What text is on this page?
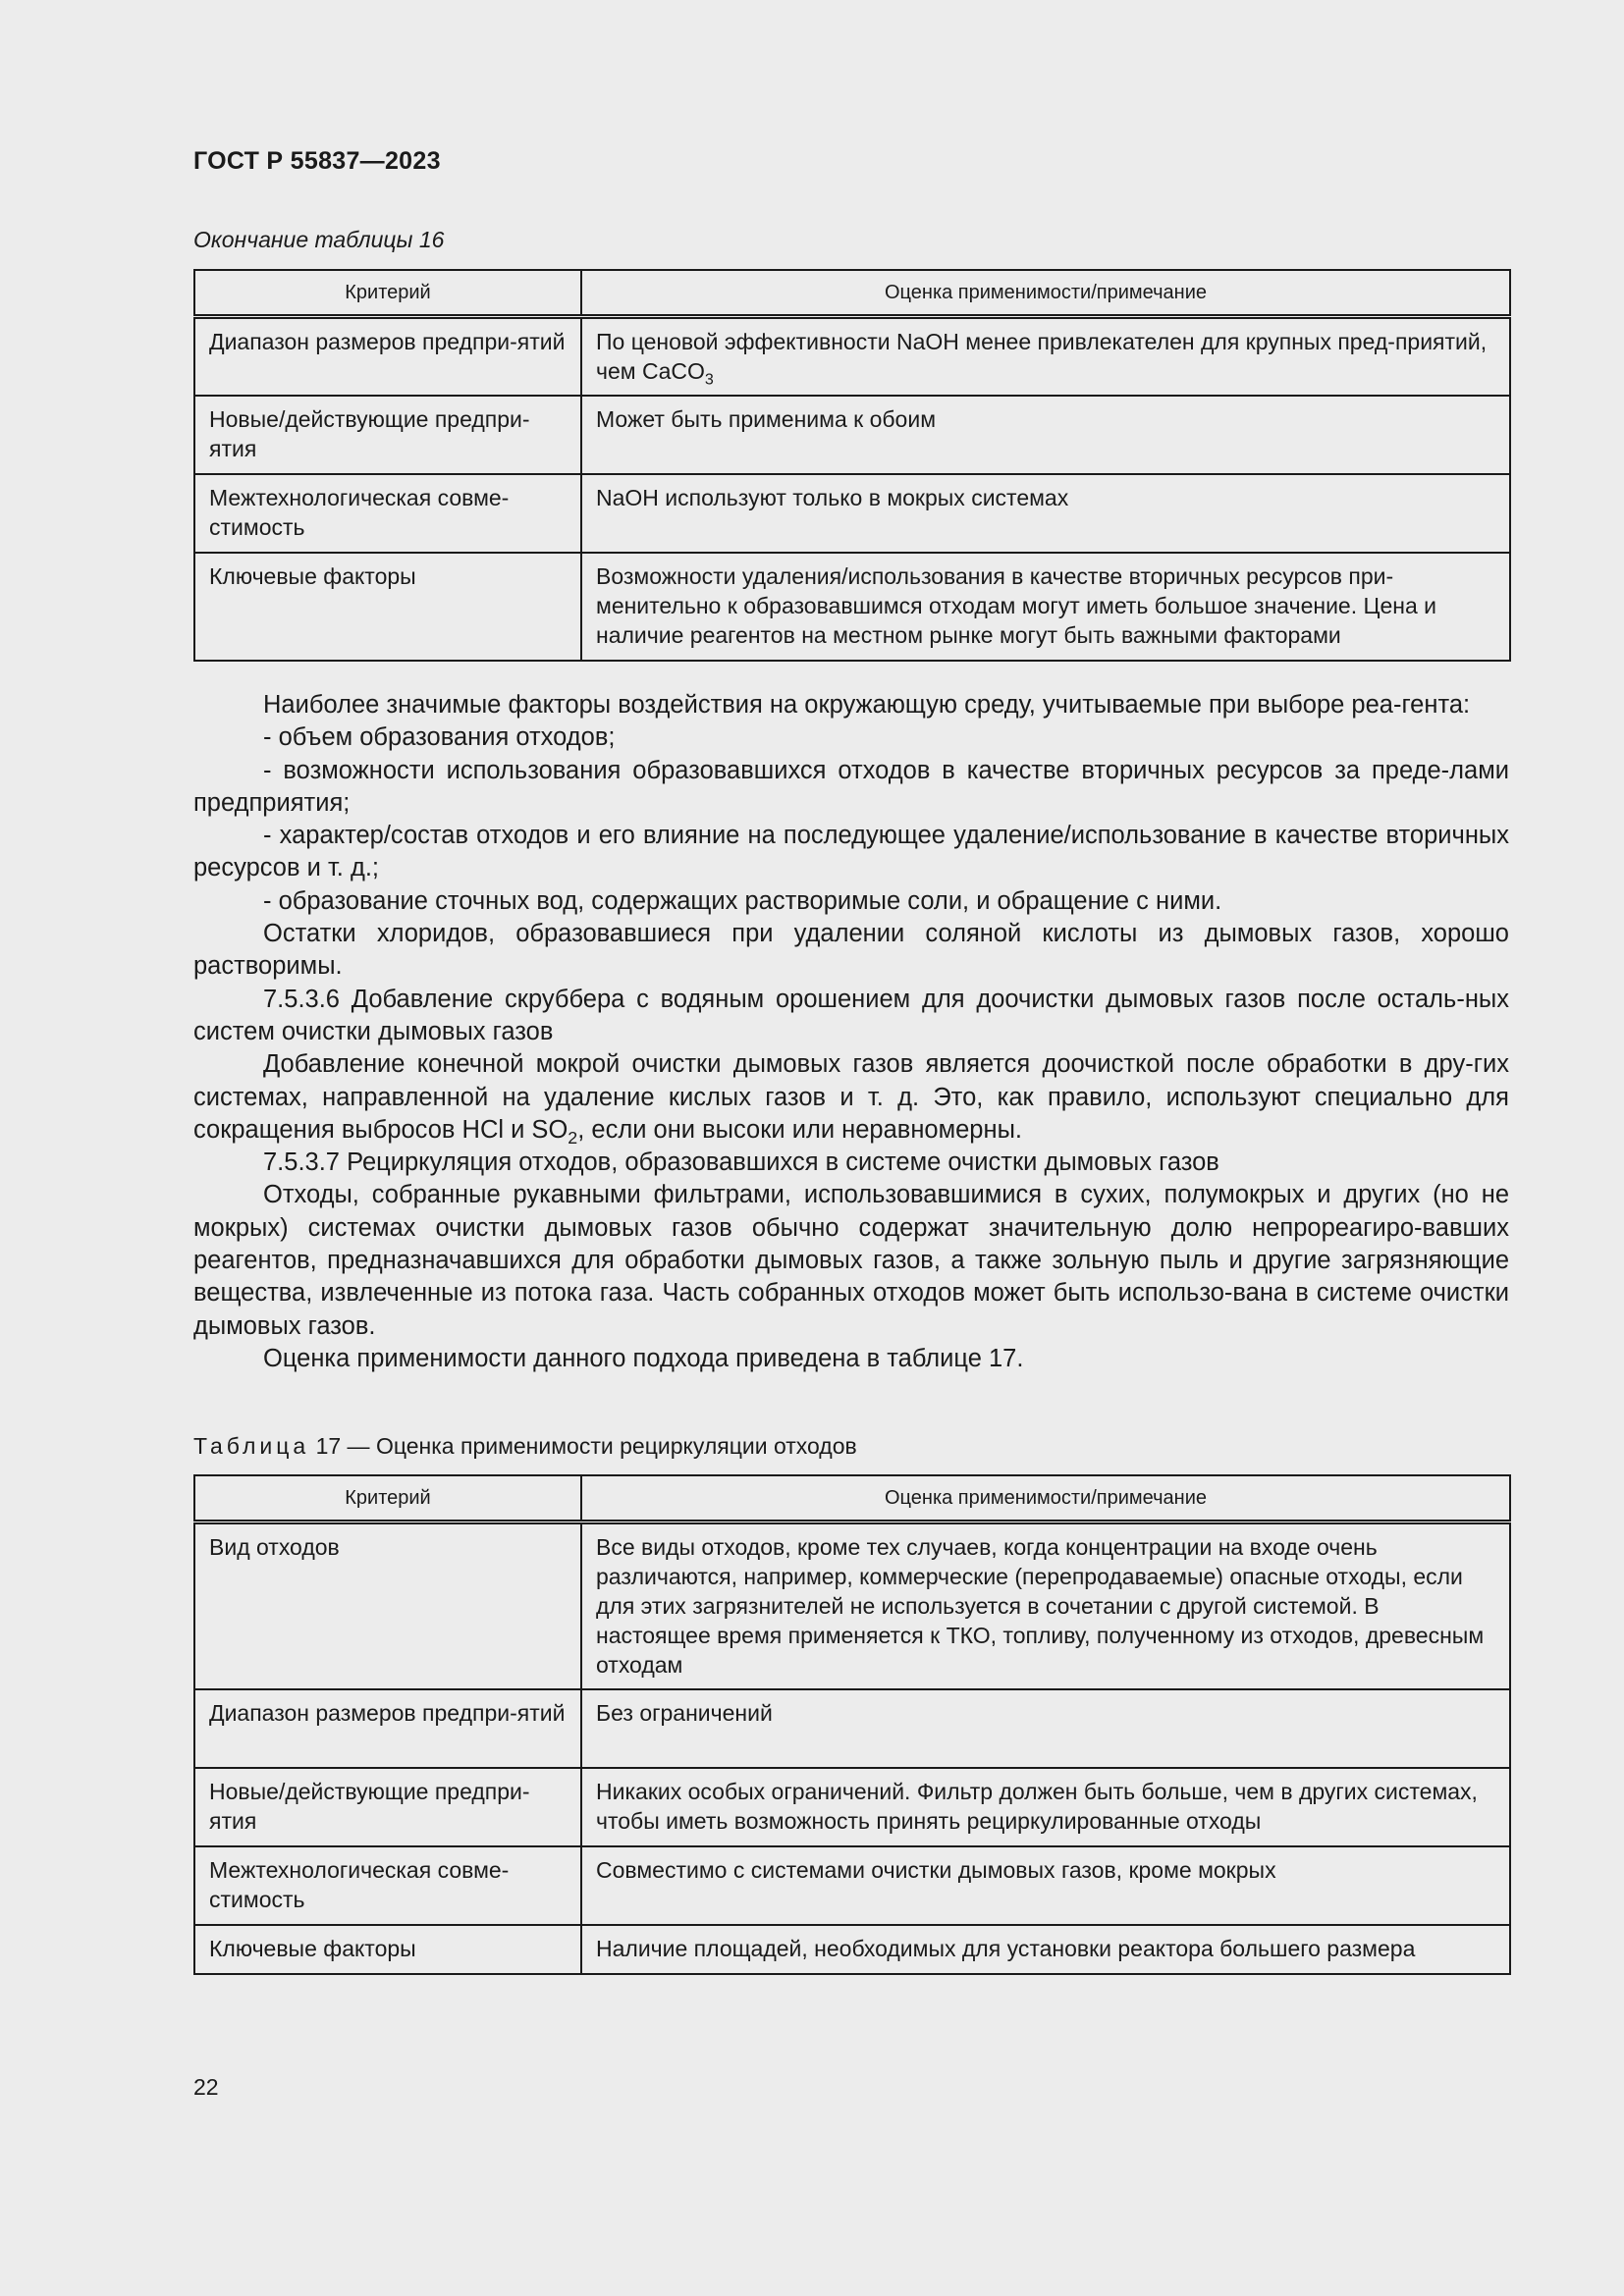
ГОСТ Р 55837—2023
Окончание таблицы 16
Критерий	Оценка применимости/примечание
Диапазон размеров предпри-ятий	По ценовой эффективности NaOH менее привлекателен для крупных пред-приятий, чем CaCO$_3$
Новые/действующие предпри-ятия	Может быть применима к обоим
Межтехнологическая совме-стимость	NaOH используют только в мокрых системах
Ключевые факторы	Возможности удаления/использования в качестве вторичных ресурсов при-менительно к образовавшимся отходам могут иметь большое значение. Цена и наличие реагентов на местном рынке могут быть важными факторами

Наиболее значимые факторы воздействия на окружающую среду, учитываемые при выборе реа-гента:

- объем образования отходов;

- возможности использования образовавшихся отходов в качестве вторичных ресурсов за преде-лами предприятия;

- характер/состав отходов и его влияние на последующее удаление/использование в качестве вторичных ресурсов и т. д.;

- образование сточных вод, содержащих растворимые соли, и обращение с ними.

Остатки хлоридов, образовавшиеся при удалении соляной кислоты из дымовых газов, хорошо растворимы.

7.5.3.6 Добавление скруббера с водяным орошением для доочистки дымовых газов после осталь-ных систем очистки дымовых газов

Добавление конечной мокрой очистки дымовых газов является доочисткой после обработки в дру-гих системах, направленной на удаление кислых газов и т. д. Это, как правило, используют специально для сокращения выбросов HCl и $SO_2$, если они высоки или неравномерны.

7.5.3.7 Рециркуляция отходов, образовавшихся в системе очистки дымовых газов

Отходы, собранные рукавными фильтрами, использовавшимися в сухих, полумокрых и других (но не мокрых) системах очистки дымовых газов обычно содержат значительную долю непрореагиро-вавших реагентов, предназначавшихся для обработки дымовых газов, а также зольную пыль и другие загрязняющие вещества, извлеченные из потока газа. Часть собранных отходов может быть использо-вана в системе очистки дымовых газов.

Оценка применимости данного подхода приведена в таблице 17.

Таблица 17 — Оценка применимости рециркуляции отходов
Критерий	Оценка применимости/примечание
Вид отходов	Все виды отходов, кроме тех случаев, когда концентрации на входе очень различаются, например, коммерческие (перепродаваемые) опасные отходы, если для этих загрязнителей не используется в сочетании с другой системой. В настоящее время применяется к ТКО, топливу, полученному из отходов, древесным отходам
Диапазон размеров предпри-ятий	Без ограничений
Новые/действующие предпри-ятия	Никаких особых ограничений. Фильтр должен быть больше, чем в других системах, чтобы иметь возможность принять рециркулированные отходы
Межтехнологическая совме-стимость	Совместимо с системами очистки дымовых газов, кроме мокрых
Ключевые факторы	Наличие площадей, необходимых для установки реактора большего размера
22
